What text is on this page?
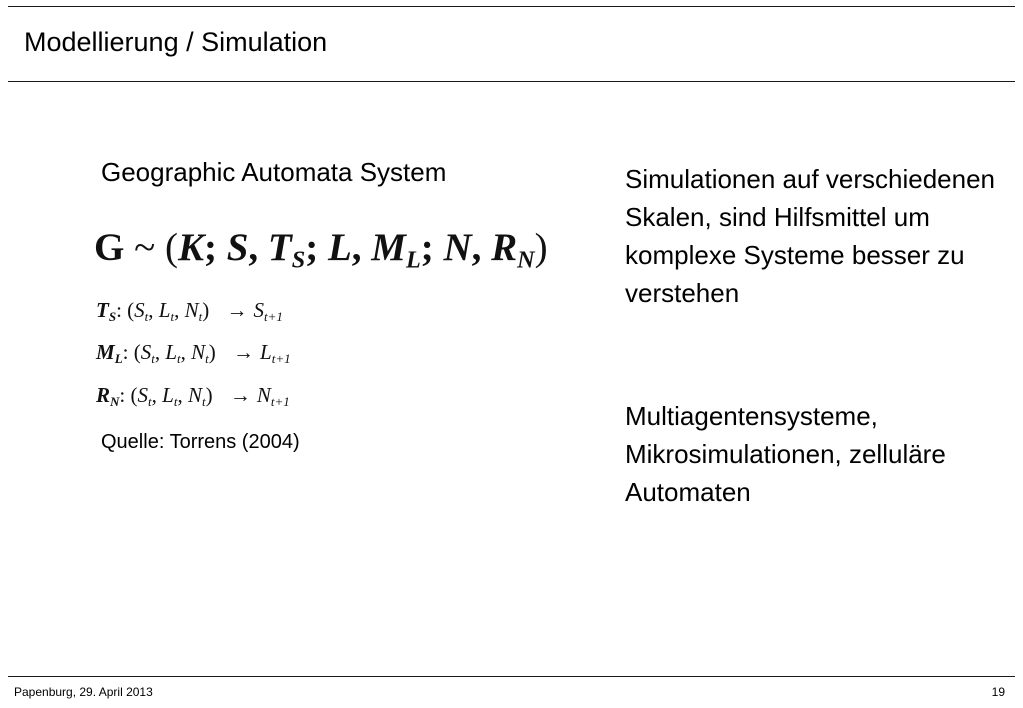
Modellierung / Simulation
Geographic Automata System
G ~ (K; S, $T_S$; L, $M_L$; N, $R_N$)
$T_S$: ($S_t$, $L_t$, $N_t) \to S_{t+1}$
$M_L$: ($S_t$, $L_t$, $N_t) \to L_{t+1}$
$R_N$: ($S_t$, $L_t$, $N_t) \to N_{t+1}$
Quelle: Torrens (2004)
Simulationen auf verschiedenen Skalen, sind Hilfsmittel um komplexe Systeme besser zu verstehen
Multiagentensysteme, Mikrosimulationen, zelluläre Automaten
Papenburg, 29. April 2013	19
